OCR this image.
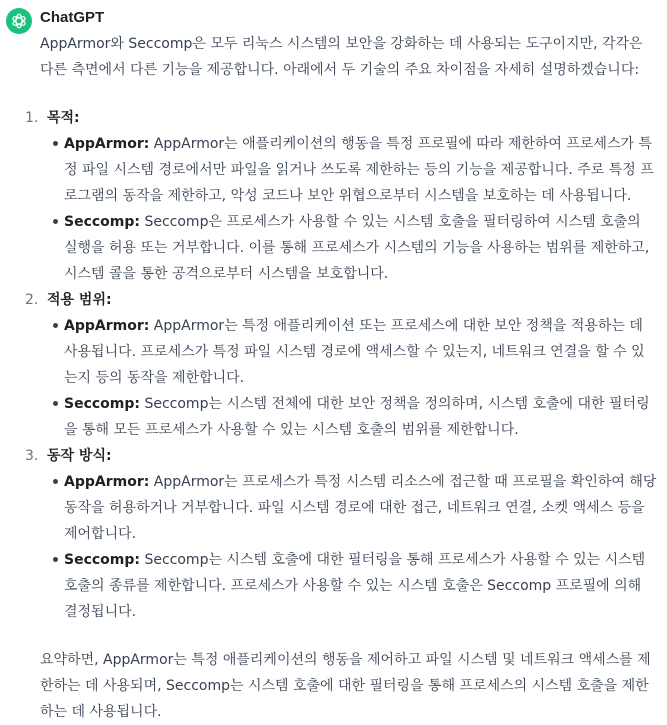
ChatGPT

AppArmor와 Seccomp은 모두 리눅스 시스템의 보안을 강화하는 데 사용되는 도구이지만, 각각은 다른 측면에서 다른 기능을 제공합니다. 아래에서 두 기술의 주요 차이점을 자세히 설명하겠습니다:

1. 목적:
AppArmor: AppArmor는 애플리케이션의 행동을 특정 프로필에 따라 제한하여 프로세스가 특정 파일 시스템 경로에서만 파일을 읽거나 쓰도록 제한하는 등의 기능을 제공합니다. 주로 특정 프로그램의 동작을 제한하고, 악성 코드나 보안 위협으로부터 시스템을 보호하는 데 사용됩니다.
Seccomp: Seccomp은 프로세스가 사용할 수 있는 시스템 호출을 필터링하여 시스템 호출의 실행을 허용 또는 거부합니다. 이를 통해 프로세스가 시스템의 기능을 사용하는 범위를 제한하고, 시스템 콜을 통한 공격으로부터 시스템을 보호합니다.
2. 적용 범위:
AppArmor: AppArmor는 특정 애플리케이션 또는 프로세스에 대한 보안 정책을 적용하는 데 사용됩니다. 프로세스가 특정 파일 시스템 경로에 액세스할 수 있는지, 네트워크 연결을 할 수 있는지 등의 동작을 제한합니다.
Seccomp: Seccomp는 시스템 전체에 대한 보안 정책을 정의하며, 시스템 호출에 대한 필터링을 통해 모든 프로세스가 사용할 수 있는 시스템 호출의 범위를 제한합니다.
3. 동작 방식:
AppArmor: AppArmor는 프로세스가 특정 시스템 리소스에 접근할 때 프로필을 확인하여 해당 동작을 허용하거나 거부합니다. 파일 시스템 경로에 대한 접근, 네트워크 연결, 소켓 액세스 등을 제어합니다.
Seccomp: Seccomp는 시스템 호출에 대한 필터링을 통해 프로세스가 사용할 수 있는 시스템 호출의 종류를 제한합니다. 프로세스가 사용할 수 있는 시스템 호출은 Seccomp 프로필에 의해 결정됩니다.

요약하면, AppArmor는 특정 애플리케이션의 행동을 제어하고 파일 시스템 및 네트워크 액세스를 제한하는 데 사용되며, Seccomp는 시스템 호출에 대한 필터링을 통해 프로세스의 시스템 호출을 제한하는 데 사용됩니다.
